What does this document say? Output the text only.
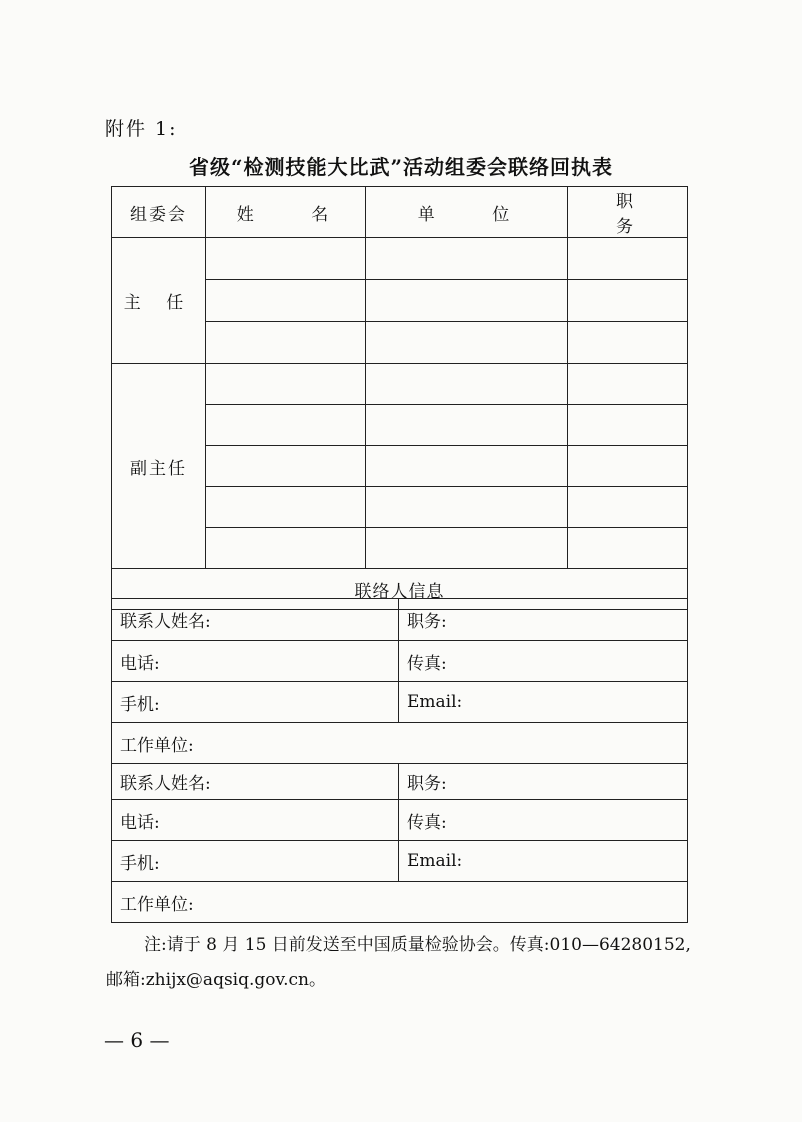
附件 1:
省级“检测技能大比武”活动组委会联络回执表
组委会	姓 名	单 位	职 务
主 任			

副主任			

联络人信息			
联系人姓名:	职务:
电话:	传真:
手机:	Email:
工作单位:	
联系人姓名:	职务:
电话:	传真:
手机:	Email:
工作单位:	
注:请于 8 月 15 日前发送至中国质量检验协会。传真:010—64280152,
邮箱:zhijx@aqsiq.gov.cn。
— 6 —
